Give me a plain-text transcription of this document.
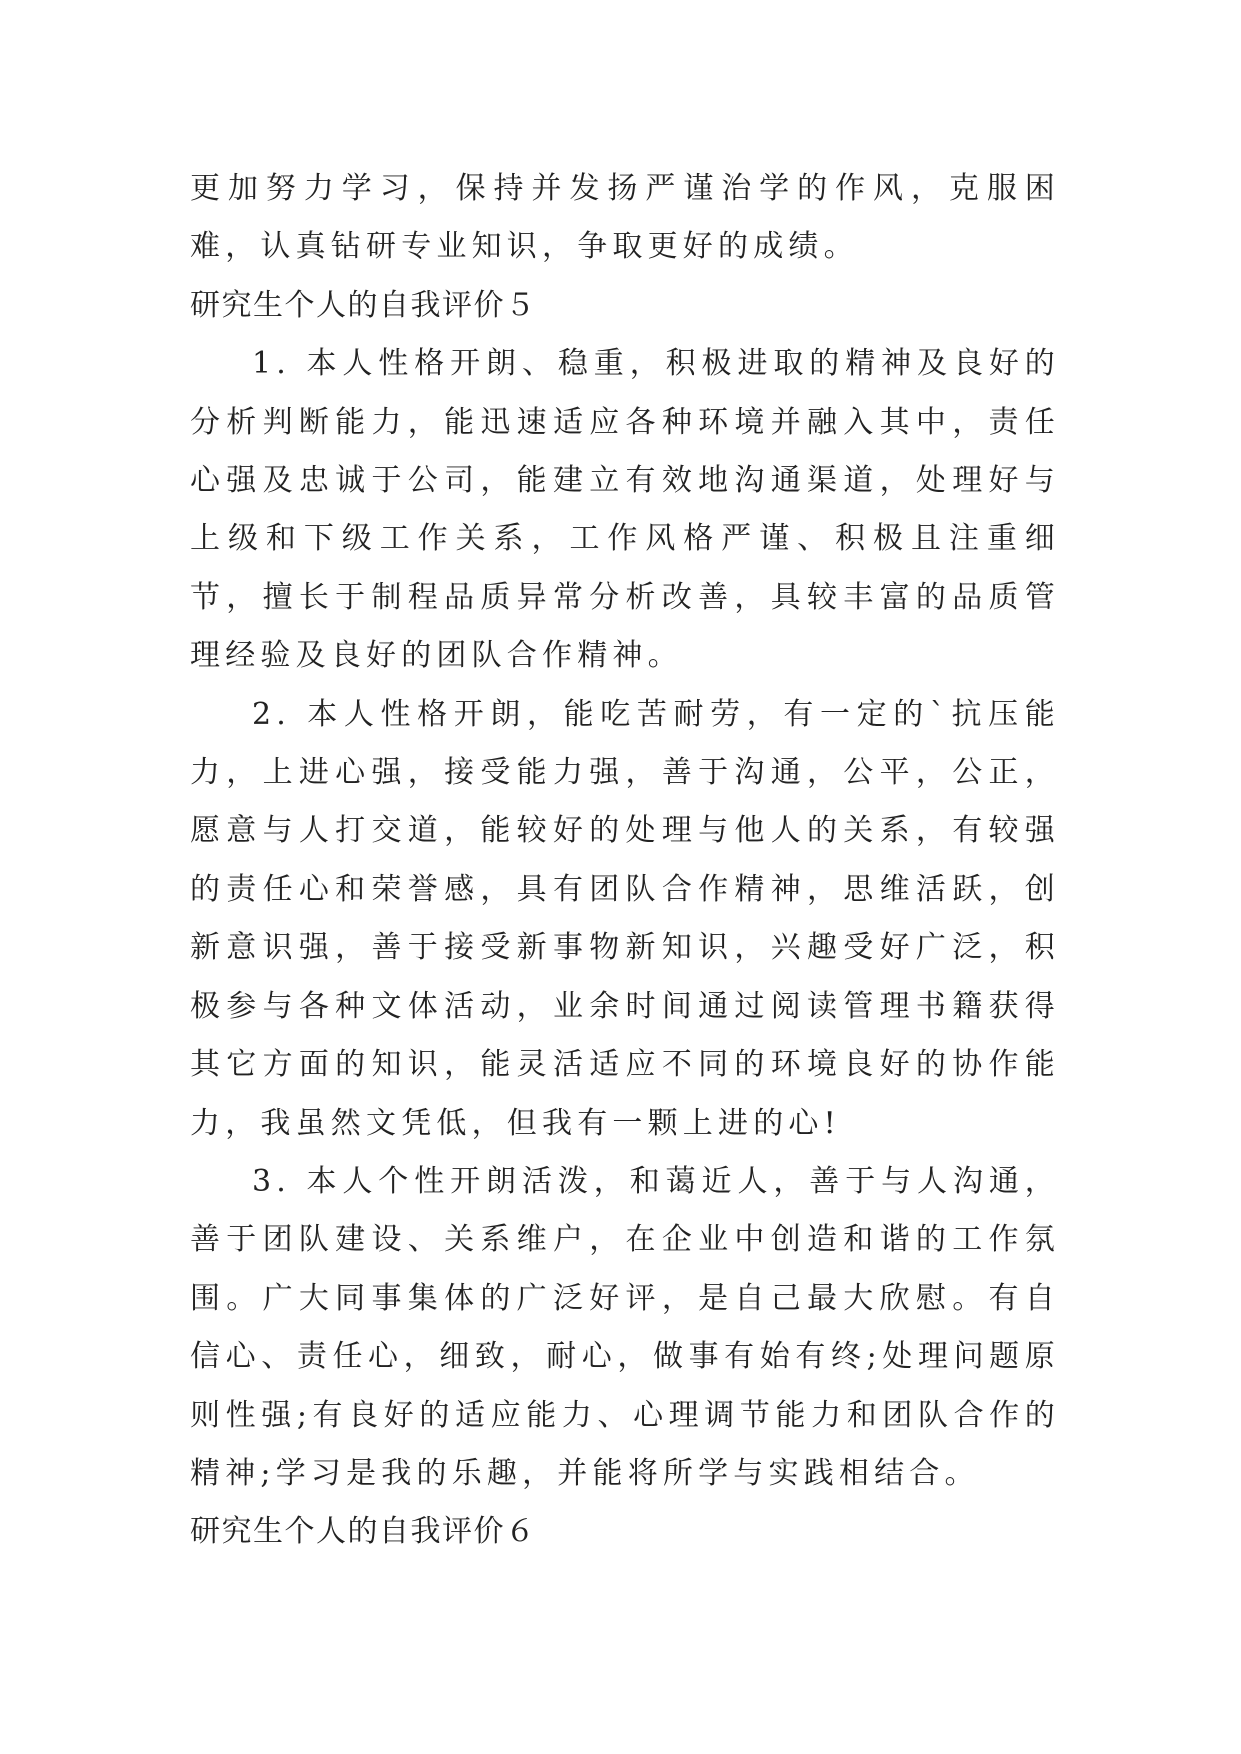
更加努力学习，保持并发扬严谨治学的作风，克服困难，认真钻研专业知识，争取更好的成绩。

研究生个人的自我评价５

1. 本人性格开朗、稳重，积极进取的精神及良好的分析判断能力，能迅速适应各种环境并融入其中，责任心强及忠诚于公司，能建立有效地沟通渠道，处理好与上级和下级工作关系，工作风格严谨、积极且注重细节，擅长于制程品质异常分析改善，具较丰富的品质管理经验及良好的团队合作精神。

2. 本人性格开朗，能吃苦耐劳，有一定的`抗压能力，上进心强，接受能力强，善于沟通，公平，公正，愿意与人打交道，能较好的处理与他人的关系，有较强的责任心和荣誉感，具有团队合作精神，思维活跃，创新意识强，善于接受新事物新知识，兴趣受好广泛，积极参与各种文体活动，业余时间通过阅读管理书籍获得其它方面的知识，能灵活适应不同的环境良好的协作能力，我虽然文凭低，但我有一颗上进的心!

3. 本人个性开朗活泼，和蔼近人，善于与人沟通，善于团队建设、关系维户，在企业中创造和谐的工作氛围。广大同事集体的广泛好评，是自己最大欣慰。有自信心、责任心，细致，耐心，做事有始有终;处理问题原则性强;有良好的适应能力、心理调节能力和团队合作的精神;学习是我的乐趣，并能将所学与实践相结合。

研究生个人的自我评价６
